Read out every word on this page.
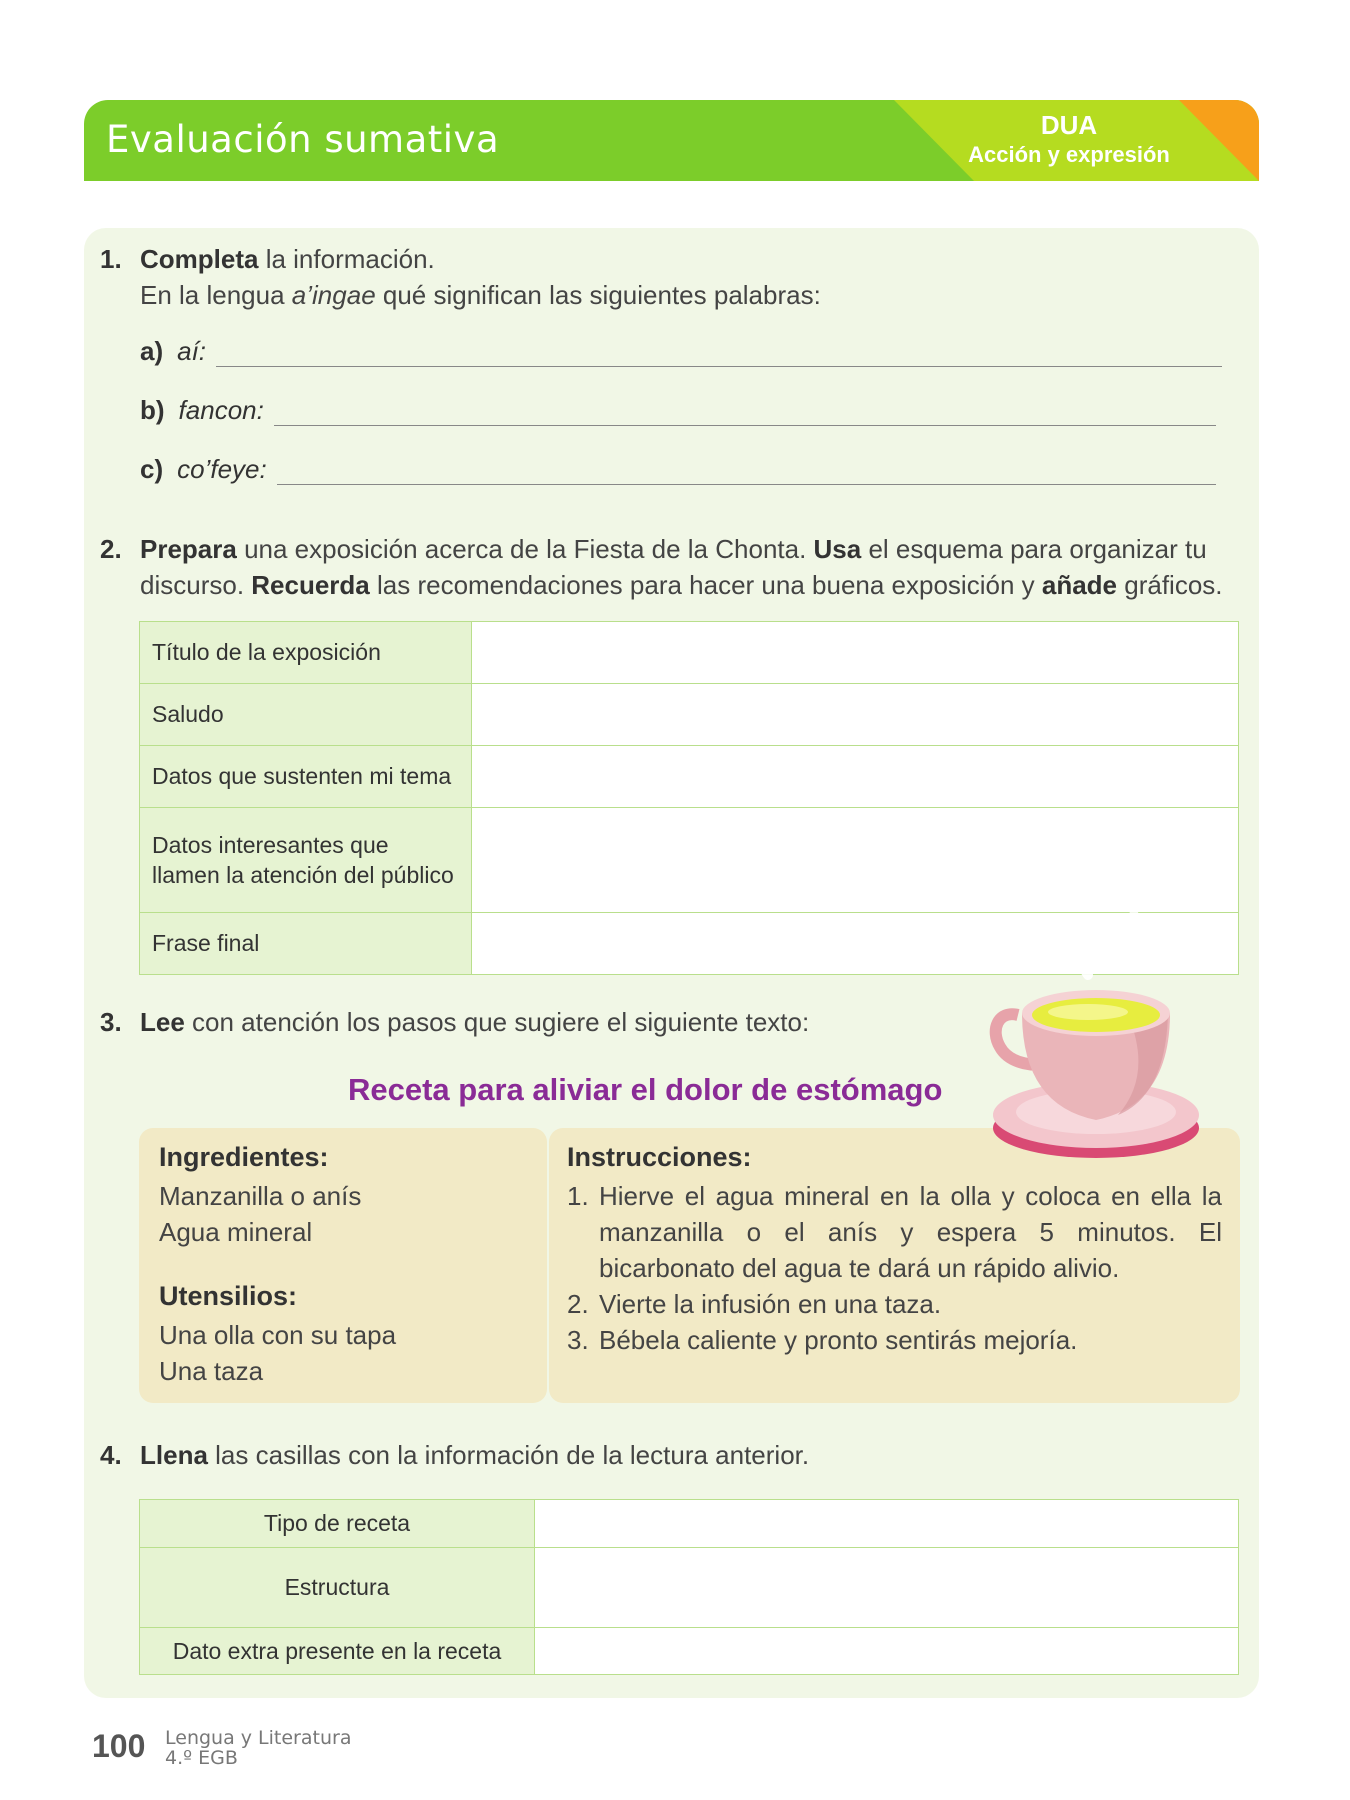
Evaluación sumativa	DUA
Acción y expresión
1. Completa la información.
En la lengua a’ingae qué significan las siguientes palabras:
a) aí:
b) fancon:
c) co’feye:
2. Prepara una exposición acerca de la Fiesta de la Chonta. Usa el esquema para organizar tu discurso. Recuerda las recomendaciones para hacer una buena exposición y añade gráficos.
Título de la exposición	
Saludo	
Datos que sustenten mi tema	
Datos interesantes que llamen la atención del público	
Frase final	
3. Lee con atención los pasos que sugiere el siguiente texto:
Receta para aliviar el dolor de estómago
Ingredientes:
Manzanilla o anís
Agua mineral
Utensilios:
Una olla con su tapa
Una taza
Instrucciones:
1. Hierve el agua mineral en la olla y coloca en ella la manzanilla o el anís y espera 5 minutos. El bicarbonato del agua te dará un rápido alivio.
2. Vierte la infusión en una taza.
3. Bébela caliente y pronto sentirás mejoría.
4. Llena las casillas con la información de la lectura anterior.
Tipo de receta	
Estructura	
Dato extra presente en la receta	
100 Lengua y Literatura
4.º EGB
